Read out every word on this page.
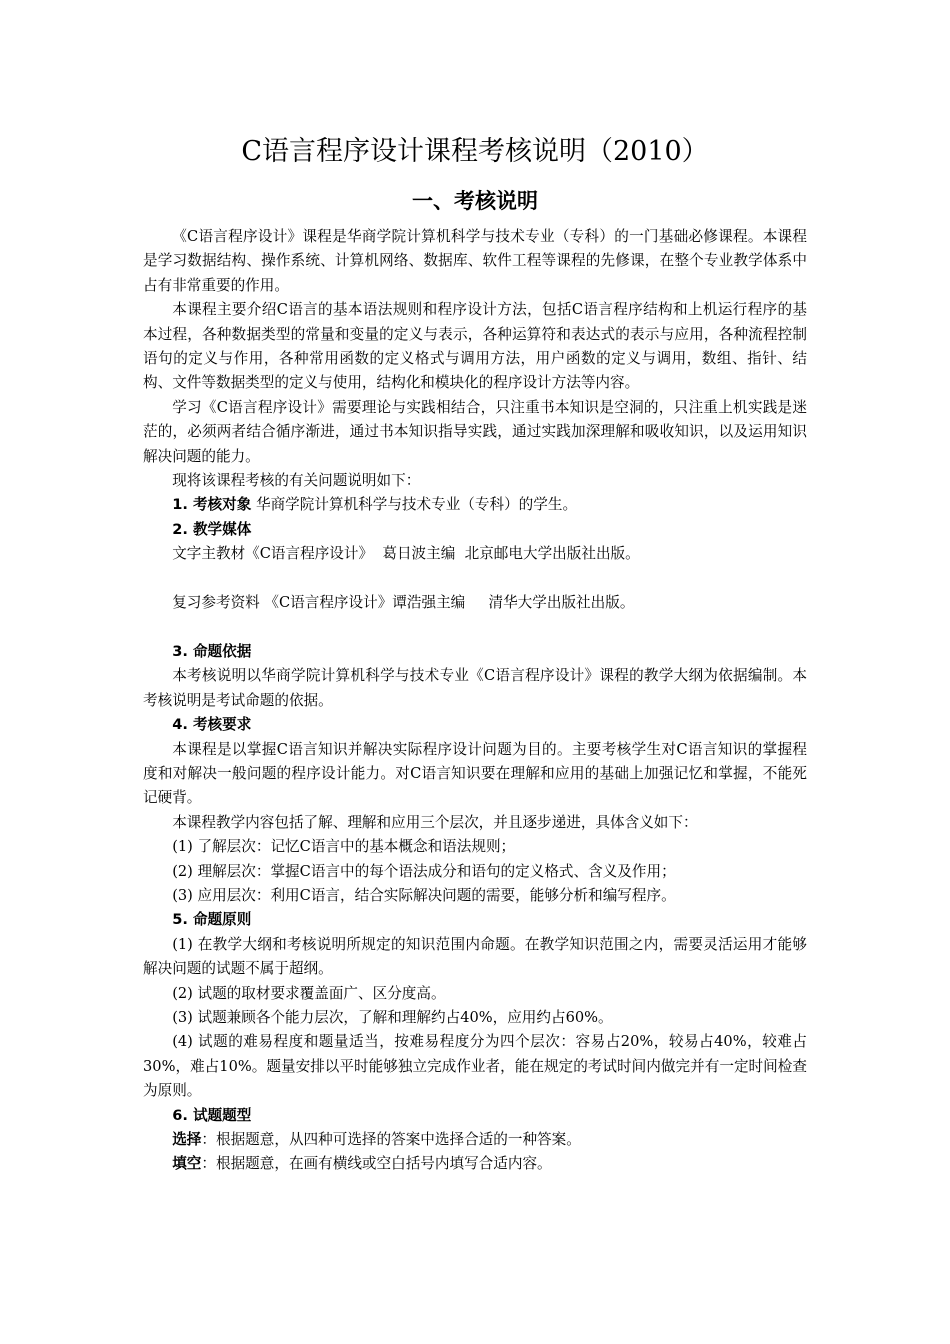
C语言程序设计课程考核说明（2010）
一、考核说明

《C语言程序设计》课程是华商学院计算机科学与技术专业（专科）的一门基础必修课程。本课程是学习数据结构、操作系统、计算机网络、数据库、软件工程等课程的先修课，在整个专业教学体系中占有非常重要的作用。

本课程主要介绍C语言的基本语法规则和程序设计方法，包括C语言程序结构和上机运行程序的基本过程，各种数据类型的常量和变量的定义与表示，各种运算符和表达式的表示与应用，各种流程控制语句的定义与作用，各种常用函数的定义格式与调用方法，用户函数的定义与调用，数组、指针、结构、文件等数据类型的定义与使用，结构化和模块化的程序设计方法等内容。

学习《C语言程序设计》需要理论与实践相结合，只注重书本知识是空洞的，只注重上机实践是迷茫的，必须两者结合循序渐进，通过书本知识指导实践，通过实践加深理解和吸收知识，以及运用知识解决问题的能力。

现将该课程考核的有关问题说明如下：

1. 考核对象 华商学院计算机科学与技术专业（专科）的学生。

2. 教学媒体

文字主教材《C语言程序设计》  葛日波主编  北京邮电大学出版社出版。

复习参考资料 《C语言程序设计》谭浩强主编     清华大学出版社出版。

3. 命题依据

本考核说明以华商学院计算机科学与技术专业《C语言程序设计》课程的教学大纲为依据编制。本考核说明是考试命题的依据。

4. 考核要求

本课程是以掌握C语言知识并解决实际程序设计问题为目的。主要考核学生对C语言知识的掌握程度和对解决一般问题的程序设计能力。对C语言知识要在理解和应用的基础上加强记忆和掌握，不能死记硬背。

本课程教学内容包括了解、理解和应用三个层次，并且逐步递进，具体含义如下：

(1) 了解层次：记忆C语言中的基本概念和语法规则；

(2) 理解层次：掌握C语言中的每个语法成分和语句的定义格式、含义及作用；

(3) 应用层次：利用C语言，结合实际解决问题的需要，能够分析和编写程序。

5. 命题原则

(1) 在教学大纲和考核说明所规定的知识范围内命题。在教学知识范围之内，需要灵活运用才能够解决问题的试题不属于超纲。

(2) 试题的取材要求覆盖面广、区分度高。

(3) 试题兼顾各个能力层次，了解和理解约占40%，应用约占60%。

(4) 试题的难易程度和题量适当，按难易程度分为四个层次：容易占20%，较易占40%，较难占30%，难占10%。题量安排以平时能够独立完成作业者，能在规定的考试时间内做完并有一定时间检查为原则。

6. 试题题型

选择：根据题意，从四种可选择的答案中选择合适的一种答案。

填空：根据题意，在画有横线或空白括号内填写合适内容。
